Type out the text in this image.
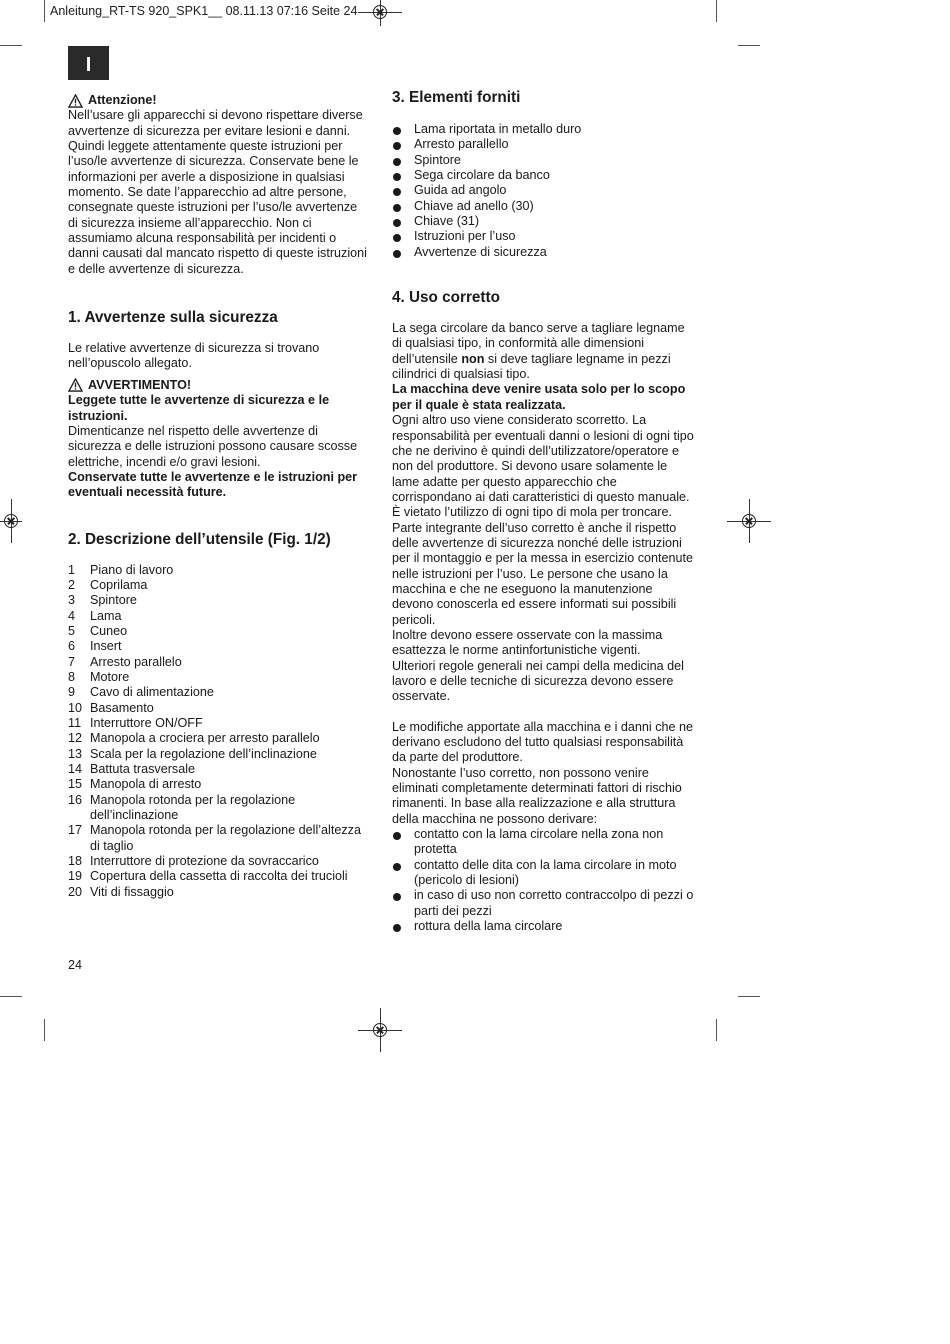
Anleitung_RT-TS 920_SPK1__ 08.11.13 07:16 Seite 24
I
Attenzione!

Nell’usare gli apparecchi si devono rispettare diverse avvertenze di sicurezza per evitare lesioni e danni. Quindi leggete attentamente queste istruzioni per l’uso/le avvertenze di sicurezza. Conservate bene le informazioni per averle a disposizione in qualsiasi momento. Se date l’apparecchio ad altre persone, consegnate queste istruzioni per l’uso/le avvertenze di sicurezza insieme all’apparecchio. Non ci assumiamo alcuna responsabilità per incidenti o danni causati dal mancato rispetto di queste istruzioni e delle avvertenze di sicurezza.

1. Avvertenze sulla sicurezza

Le relative avvertenze di sicurezza si trovano nell’opuscolo allegato.

AVVERTIMENTO!

Leggete tutte le avvertenze di sicurezza e le istruzioni.

Dimenticanze nel rispetto delle avvertenze di sicurezza e delle istruzioni possono causare scosse elettriche, incendi e/o gravi lesioni.

Conservate tutte le avvertenze e le istruzioni per eventuali necessità future.

2. Descrizione dell’utensile (Fig. 1/2)
1	Piano di lavoro
2	Coprilama
3	Spintore
4	Lama
5	Cuneo
6	Insert
7	Arresto parallelo
8	Motore
9	Cavo di alimentazione
10 Basamento
11 Interruttore ON/OFF
12 Manopola a crociera per arresto parallelo
13 Scala per la regolazione dell’inclinazione
14 Battuta trasversale
15 Manopola di arresto
16 Manopola rotonda per la regolazione dell’inclinazione
17 Manopola rotonda per la regolazione dell’altezza di taglio
18 Interruttore di protezione da sovraccarico
19 Copertura della cassetta di raccolta dei trucioli
20 Viti di fissaggio
3. Elementi forniti
Lama riportata in metallo duro
Arresto parallello
Spintore
Sega circolare da banco
Guida ad angolo
Chiave ad anello (30)
Chiave (31)
Istruzioni per l’uso
Avvertenze di sicurezza
4. Uso corretto

La sega circolare da banco serve a tagliare legname di qualsiasi tipo, in conformità alle dimensioni dell’utensile non si deve tagliare legname in pezzi cilindrici di qualsiasi tipo.

La macchina deve venire usata solo per lo scopo per il quale è stata realizzata.

Ogni altro uso viene considerato scorretto. La responsabilità per eventuali danni o lesioni di ogni tipo che ne derivino è quindi dell’utilizzatore/operatore e non del produttore. Si devono usare solamente le lame adatte per questo apparecchio che corrispondano ai dati caratteristici di questo manuale. È vietato l’utilizzo di ogni tipo di mola per troncare. Parte integrante dell’uso corretto è anche il rispetto delle avvertenze di sicurezza nonché delle istruzioni per il montaggio e per la messa in esercizio contenute nelle istruzioni per l’uso. Le persone che usano la macchina e che ne eseguono la manutenzione devono conoscerla ed essere informati sui possibili pericoli.

Inoltre devono essere osservate con la massima esattezza le norme antinfortunistiche vigenti.

Ulteriori regole generali nei campi della medicina del lavoro e delle tecniche di sicurezza devono essere osservate.

Le modifiche apportate alla macchina e i danni che ne derivano escludono del tutto qualsiasi responsabilità da parte del produttore.

Nonostante l’uso corretto, non possono venire eliminati completamente determinati fattori di rischio rimanenti. In base alla realizzazione e alla struttura della macchina ne possono derivare:

contatto con la lama circolare nella zona non protetta
contatto delle dita con la lama circolare in moto (pericolo di lesioni)
in caso di uso non corretto contraccolpo di pezzi o parti dei pezzi
rottura della lama circolare
24
